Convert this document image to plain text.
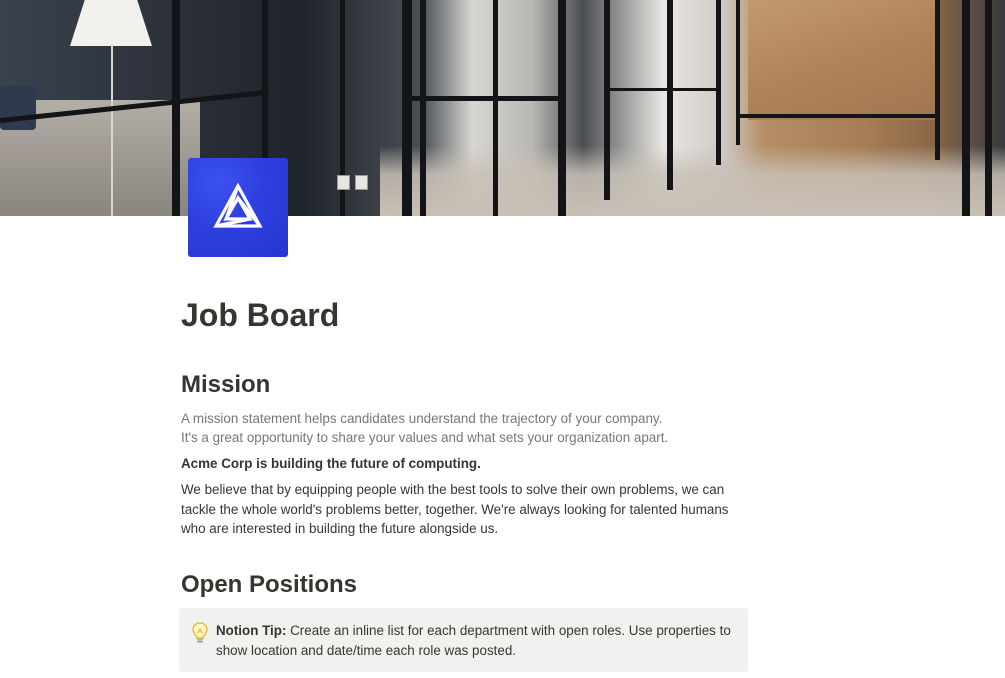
Job Board
Mission

A mission statement helps candidates understand the trajectory of your company.

It's a great opportunity to share your values and what sets your organization apart.

Acme Corp is building the future of computing.

We believe that by equipping people with the best tools to solve their own problems, we can tackle the whole world's problems better, together. We're always looking for talented humans who are interested in building the future alongside us.

Open Positions

Notion Tip: Create an inline list for each department with open roles. Use properties to show location and date/time each role was posted.
